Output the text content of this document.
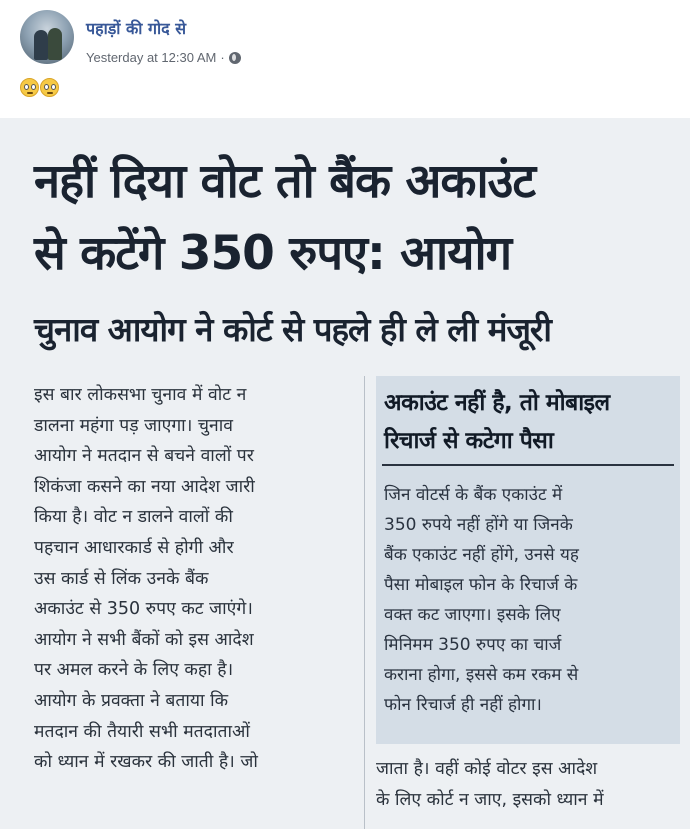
पहाड़ों की गोद से
Yesterday at 12:30 AM ·
नहीं दिया वोट तो बैंक अकाउंट
से कटेंगे 350 रुपए: आयोग
चुनाव आयोग ने कोर्ट से पहले ही ले ली मंजूरी

इस बार लोकसभा चुनाव में वोट न

डालना महंगा पड़ जाएगा। चुनाव

आयोग ने मतदान से बचने वालों पर

शिकंजा कसने का नया आदेश जारी

किया है। वोट न डालने वालों की

पहचान आधारकार्ड से होगी और

उस कार्ड से लिंक उनके बैंक

अकाउंट से 350 रुपए कट जाएंगे।

आयोग ने सभी बैंकों को इस आदेश

पर अमल करने के लिए कहा है।

आयोग के प्रवक्ता ने बताया कि

मतदान की तैयारी सभी मतदाताओं

को ध्यान में रखकर की जाती है। जो

अकाउंट नहीं है, तो मोबाइल
रिचार्ज से कटेगा पैसा
जिन वोटर्स के बैंक एकाउंट में
350 रुपये नहीं होंगे या जिनके
बैंक एकाउंट नहीं होंगे, उनसे यह
पैसा मोबाइल फोन के रिचार्ज के
वक्त कट जाएगा। इसके लिए
मिनिमम 350 रुपए का चार्ज
कराना होगा, इससे कम रकम से
फोन रिचार्ज ही नहीं होगा।
जाता है। वहीं कोई वोटर इस आदेश
के लिए कोर्ट न जाए, इसको ध्यान में
